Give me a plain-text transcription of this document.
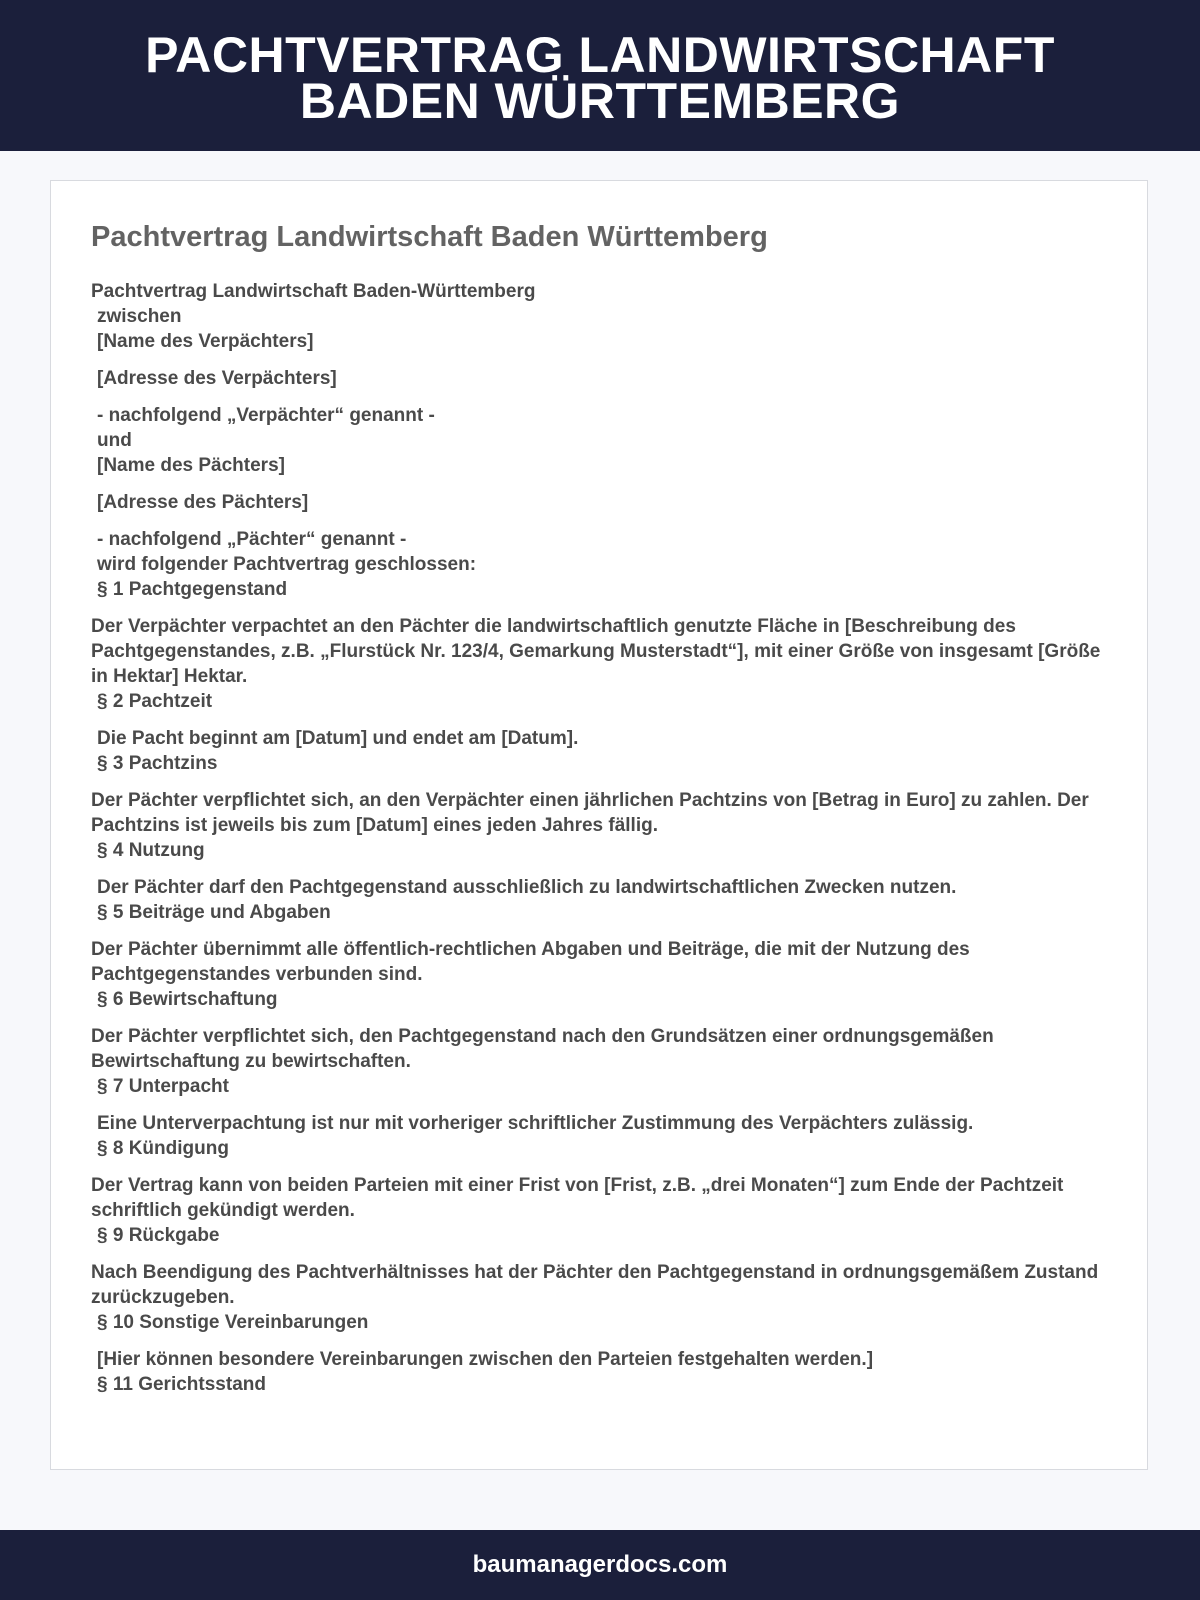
PACHTVERTRAG LANDWIRTSCHAFT
BADEN WÜRTTEMBERG
Pachtvertrag Landwirtschaft Baden Württemberg
Pachtvertrag Landwirtschaft Baden-Württemberg
zwischen
[Name des Verpächters]
[Adresse des Verpächters]
- nachfolgend „Verpächter“ genannt -
und
[Name des Pächters]
[Adresse des Pächters]
- nachfolgend „Pächter“ genannt -
wird folgender Pachtvertrag geschlossen:
§ 1 Pachtgegenstand
Der Verpächter verpachtet an den Pächter die landwirtschaftlich genutzte Fläche in [Beschreibung des Pachtgegenstandes, z.B. „Flurstück Nr. 123/4, Gemarkung Musterstadt“], mit einer Größe von insgesamt [Größe in Hektar] Hektar.
§ 2 Pachtzeit
Die Pacht beginnt am [Datum] und endet am [Datum].
§ 3 Pachtzins
Der Pächter verpflichtet sich, an den Verpächter einen jährlichen Pachtzins von [Betrag in Euro] zu zahlen. Der Pachtzins ist jeweils bis zum [Datum] eines jeden Jahres fällig.
§ 4 Nutzung
Der Pächter darf den Pachtgegenstand ausschließlich zu landwirtschaftlichen Zwecken nutzen.
§ 5 Beiträge und Abgaben
Der Pächter übernimmt alle öffentlich-rechtlichen Abgaben und Beiträge, die mit der Nutzung des Pachtgegenstandes verbunden sind.
§ 6 Bewirtschaftung
Der Pächter verpflichtet sich, den Pachtgegenstand nach den Grundsätzen einer ordnungsgemäßen Bewirtschaftung zu bewirtschaften.
§ 7 Unterpacht
Eine Unterverpachtung ist nur mit vorheriger schriftlicher Zustimmung des Verpächters zulässig.
§ 8 Kündigung
Der Vertrag kann von beiden Parteien mit einer Frist von [Frist, z.B. „drei Monaten“] zum Ende der Pachtzeit schriftlich gekündigt werden.
§ 9 Rückgabe
Nach Beendigung des Pachtverhältnisses hat der Pächter den Pachtgegenstand in ordnungsgemäßem Zustand zurückzugeben.
§ 10 Sonstige Vereinbarungen
[Hier können besondere Vereinbarungen zwischen den Parteien festgehalten werden.]
§ 11 Gerichtsstand
baumanagerdocs.com
